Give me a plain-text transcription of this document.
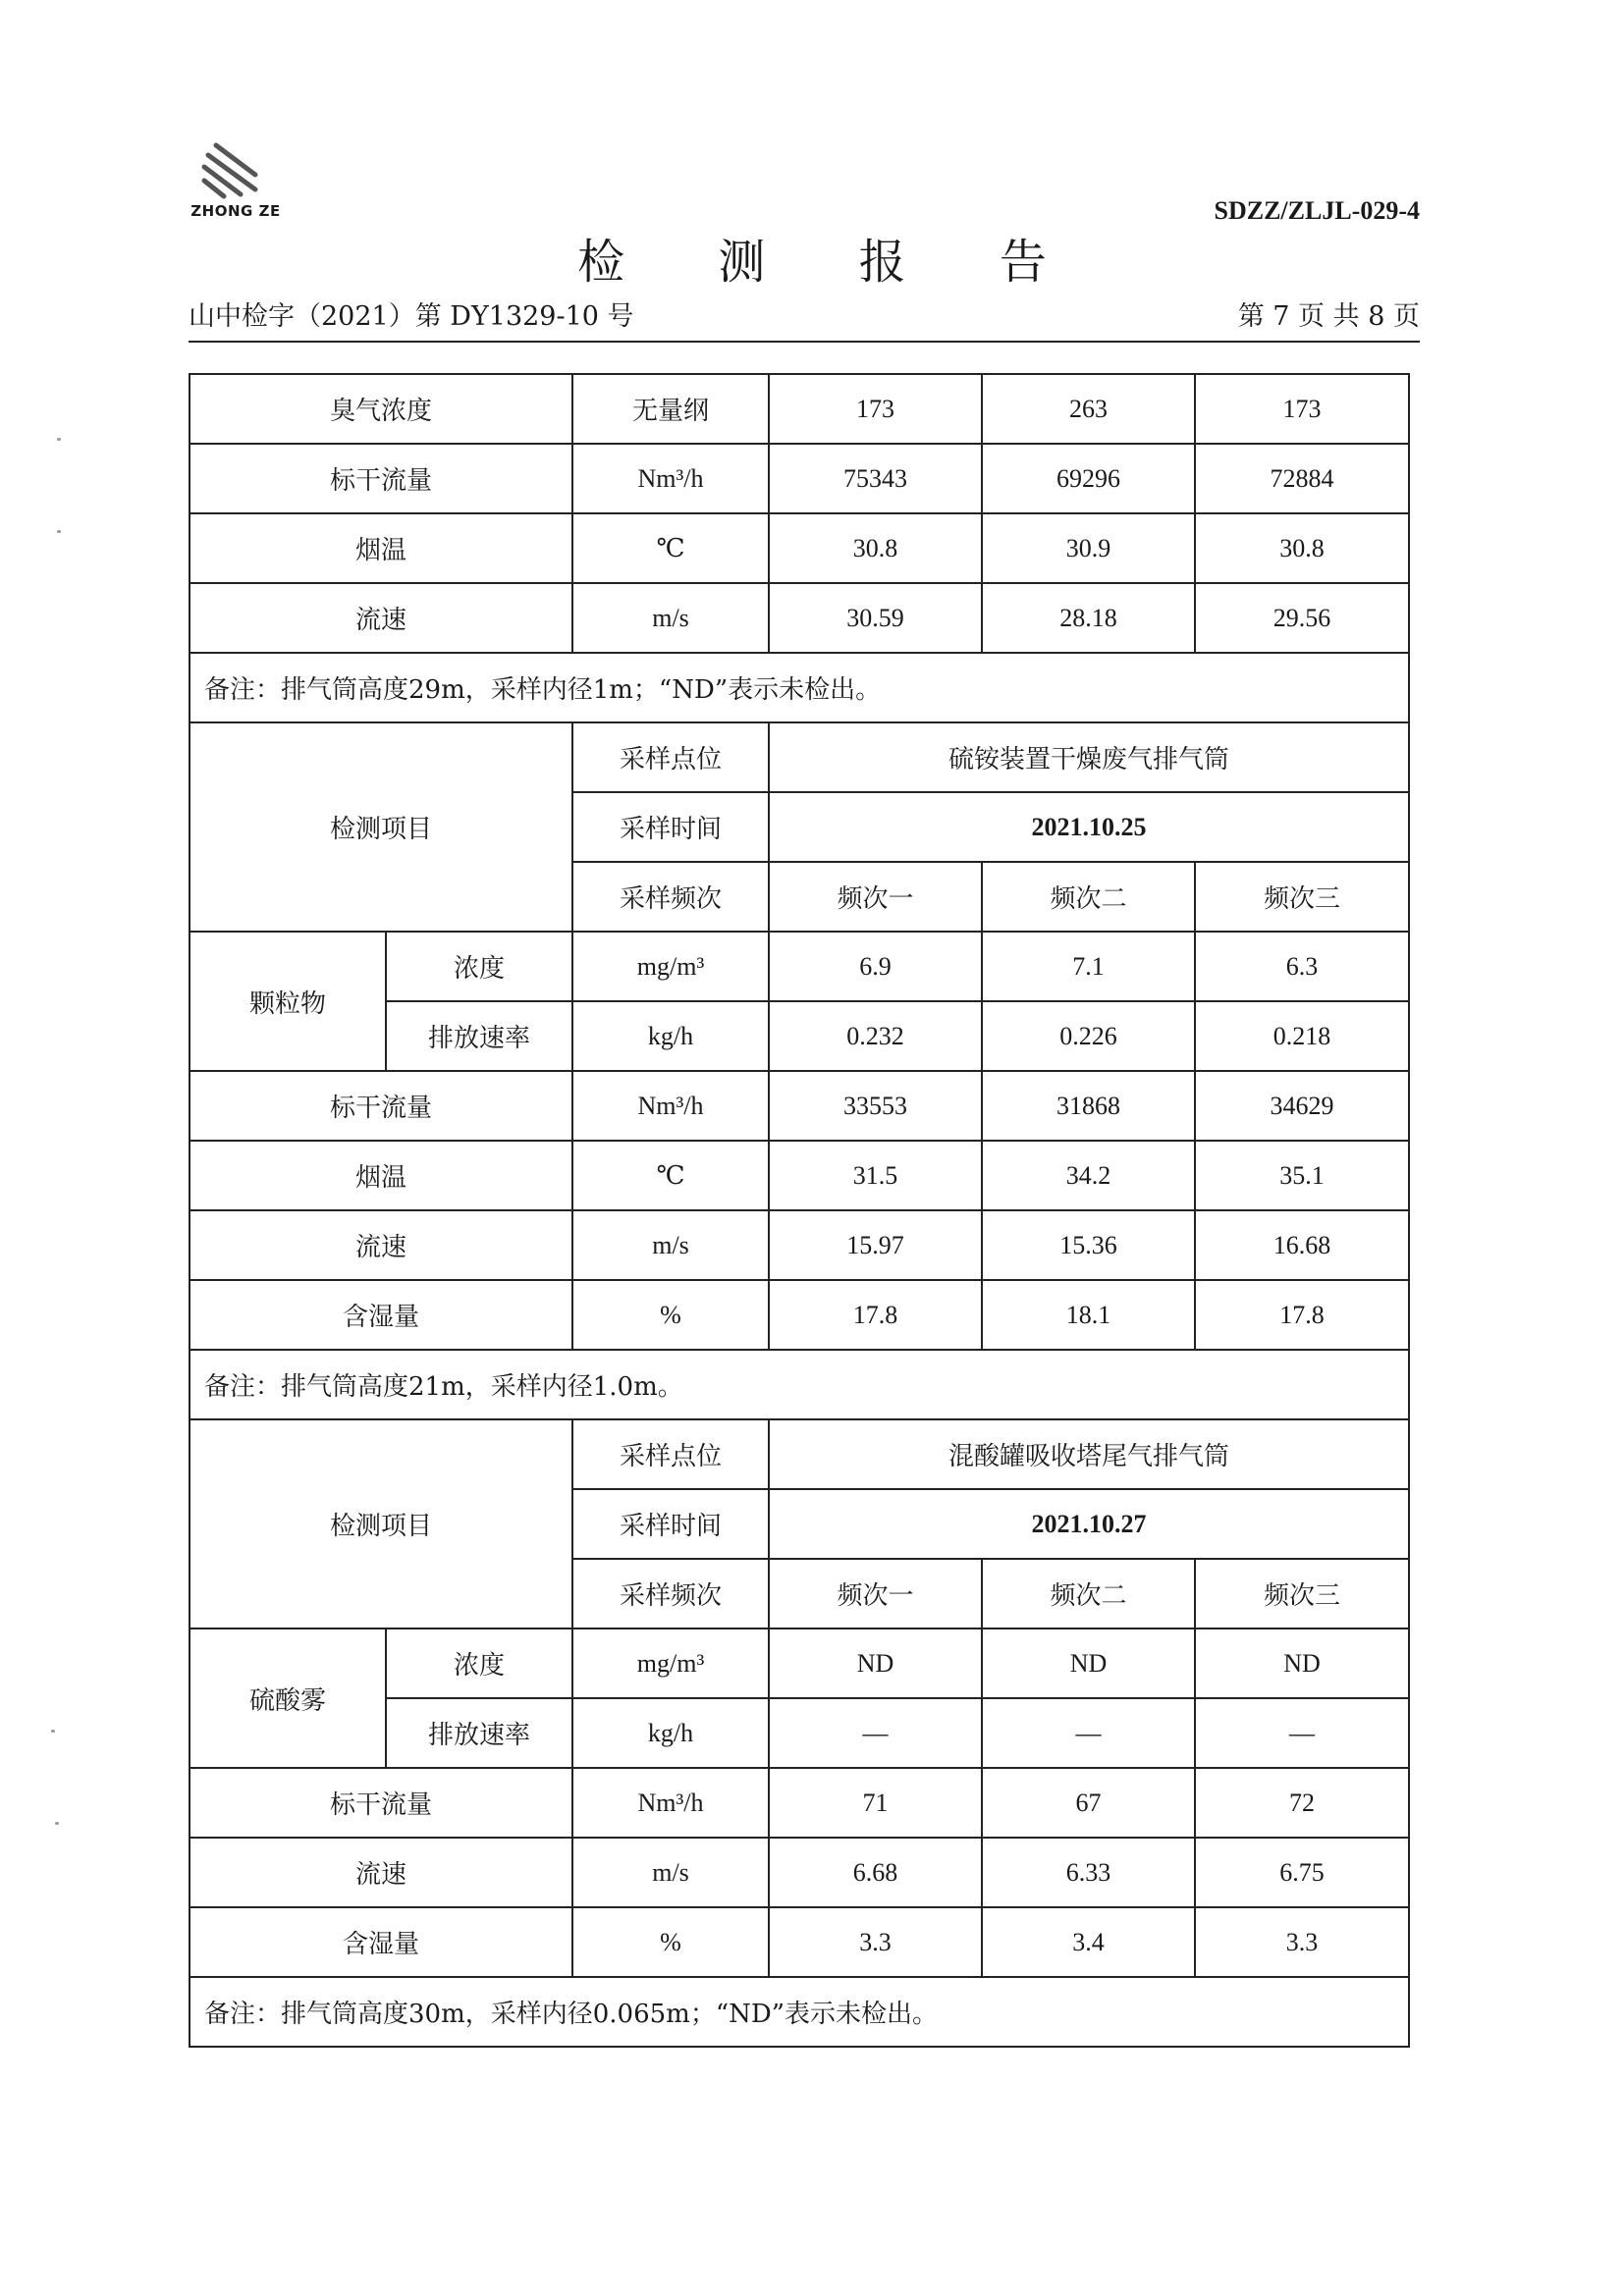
ZHONG ZE	SDZZ/ZLJL-029-4
检 测 报 告
山中检字（2021）第 DY1329-10 号	第 7 页 共 8 页
臭气浓度		无量纲	173	263	173
标干流量		Nm³/h	75343	69296	72884
烟温		℃	30.8	30.9	30.8
流速		m/s	30.59	28.18	29.56
备注：排气筒高度29m，采样内径1m；“ND”表示未检出。					
检测项目		采样点位	硫铵装置干燥废气排气筒		
		采样时间	2021.10.25		
		采样频次	频次一	频次二	频次三
颗粒物	浓度	mg/m³	6.9	7.1	6.3
	排放速率	kg/h	0.232	0.226	0.218
标干流量		Nm³/h	33553	31868	34629
烟温		℃	31.5	34.2	35.1
流速		m/s	15.97	15.36	16.68
含湿量		%	17.8	18.1	17.8
备注：排气筒高度21m，采样内径1.0m。					
检测项目		采样点位	混酸罐吸收塔尾气排气筒		
		采样时间	2021.10.27		
		采样频次	频次一	频次二	频次三
硫酸雾	浓度	mg/m³	ND	ND	ND
	排放速率	kg/h	—	—	—
标干流量		Nm³/h	71	67	72
流速		m/s	6.68	6.33	6.75
含湿量		%	3.3	3.4	3.3
备注：排气筒高度30m，采样内径0.065m；“ND”表示未检出。					
